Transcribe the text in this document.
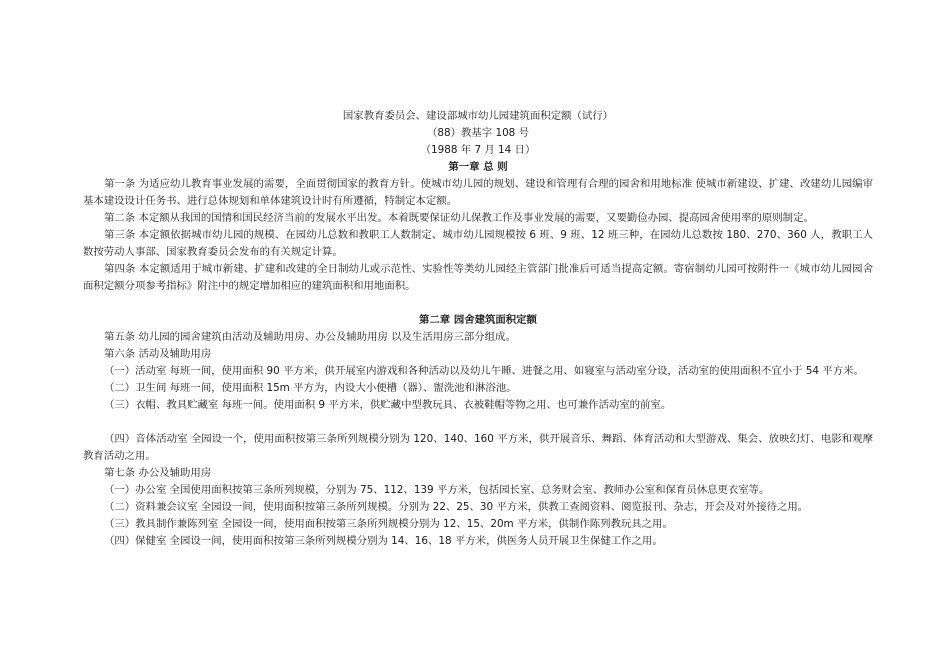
国家教育委员会、建设部城市幼儿园建筑面积定额（试行）
（88）教基字 108 号
（1988 年 7 月 14 日）
第一章 总 则

第一条 为适应幼儿教育事业发展的需要，全面贯彻国家的教育方针。使城市幼儿园的规划、建设和管理有合理的园舍和用地标准 使城市新建设、扩建、改建幼儿园编审基本建设设计任务书、进行总体规划和单体建筑设计时有所遵循，特制定本定额。

第二条 本定额从我国的国情和国民经济当前的发展水平出发。本着既要保证幼儿保教工作及事业发展的需要，又要勤俭办园、提高园舍使用率的原则制定。

第三条 本定额依据城市幼儿园的规模、在园幼儿总数和教职工人数制定、城市幼儿园规模按 6 班、9 班、12 班三种，在园幼儿总数按 180、270、360 人，教职工人数按劳动人事部、国家教育委员会发布的有关规定计算。

第四条 本定额适用于城市新建、扩建和改建的全日制幼儿或示范性、实验性等类幼儿园经主管部门批准后可适当提高定额。寄宿制幼儿园可按附件一《城市幼儿园园舍面积定额分项参考指标》附注中的规定增加相应的建筑面积和用地面积。

第二章 园舍建筑面积定额

第五条 幼儿园的园舍建筑由活动及辅助用房、办公及辅助用房 以及生活用房三部分组成。

第六条 活动及辅助用房

（一）活动室 每班一间，使用面积 90 平方米，供开展室内游戏和各种活动以及幼儿午睡、进餐之用、如寝室与活动室分设，活动室的使用面积不宜小于 54 平方米。

（二）卫生间 每班一间，使用面积 15m 平方为，内设大小便槽（器）、盥洗池和淋浴池。

（三）衣帽、教具贮藏室 每班一间。使用面积 9 平方米，供贮藏中型教玩具、衣被鞋帽等物之用、也可兼作活动室的前室。

（四）音体活动室 全园设一个，使用面积按第三条所列规模分别为 120、140、160 平方米，供开展音乐、舞蹈、体育活动和大型游戏、集会、放映幻灯、电影和观摩教育活动之用。

第七条 办公及辅助用房

（一）办公室 全国使用面积按第三条所列规模，分别为 75、112、139 平方米，包括园长室、总务财会室、教师办公室和保育员休息更衣室等。

（二）资料兼会议室 全园设一间，使用面积按第三条所列规模。分别为 22、25、30 平方米，供教工查阅资料、阅览报刊、杂志，开会及对外接待之用。

（三）教具制作兼陈列室 全园设一间，使用面积按第三条所列规模分别为 12、15、20m 平方米，供制作陈列教玩具之用。

（四）保健室 全园设一间，使用面积按第三条所列规模分别为 14、16、18 平方米，供医务人员开展卫生保健工作之用。
